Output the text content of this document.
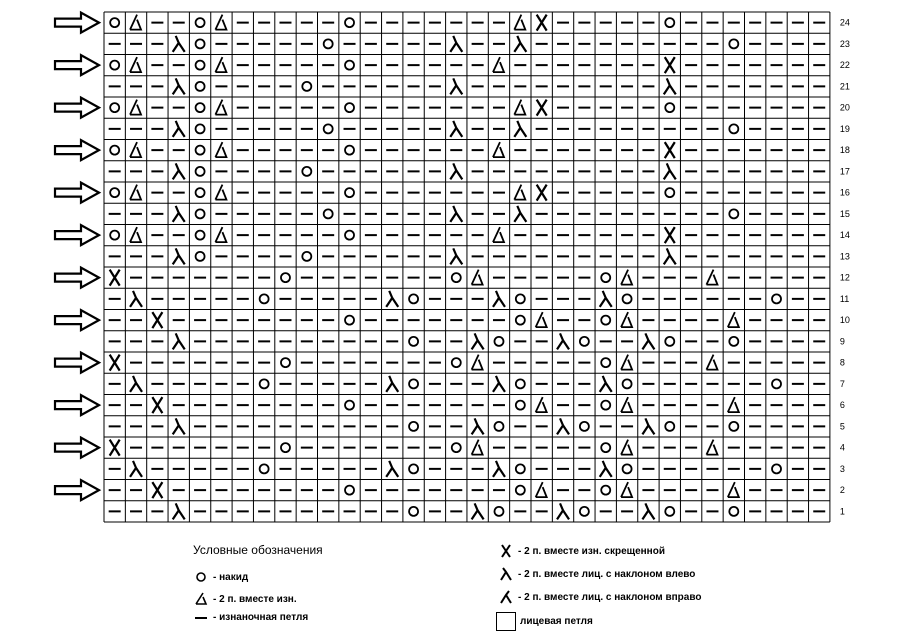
24
23
22
21
20
19
18
17
16
15
14
13
12
11
10
9
8
7
6
5
4
3
2
1
Условные обозначения
- накид
- 2 п. вместе изн.
- изнаночная петля
- 2 п. вместе изн. скрещенной
- 2 п. вместе лиц. с наклоном влево
- 2 п. вместе лиц. с наклоном вправо
лицевая петля
